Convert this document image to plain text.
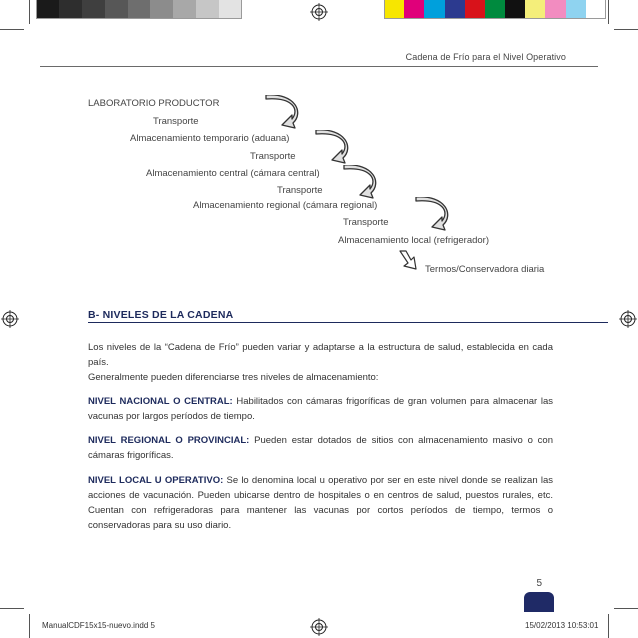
Cadena de Frío para el Nivel Operativo
LABORATORIO PRODUCTOR
Transporte
Almacenamiento temporario (aduana)
Transporte
Almacenamiento central (cámara central)
Transporte
Almacenamiento regional (cámara regional)
Transporte
Almacenamiento local (refrigerador)
Termos/Conservadora diaria
B- NIVELES DE LA CADENA
Los niveles de la “Cadena de Frío” pueden variar y adaptarse a la estructura de salud, establecida en cada país.
Generalmente pueden diferenciarse tres niveles de almacenamiento:
NIVEL NACIONAL O CENTRAL: Habilitados con cámaras frigoríficas de gran volumen para almacenar las vacunas por largos períodos de tiempo.
NIVEL REGIONAL O PROVINCIAL: Pueden estar dotados de sitios con almacenamiento masivo o con cámaras frigoríficas.
NIVEL LOCAL U OPERATIVO: Se lo denomina local u operativo por ser en este nivel donde se realizan las acciones de vacunación. Pueden ubicarse dentro de hospitales o en centros de salud, puestos rurales, etc. Cuentan con refrigeradoras para mantener las vacunas por cortos períodos de tiempo, termos o conservadoras para su uso diario.
5
ManualCDF15x15-nuevo.indd 5	15/02/2013 10:53:01
